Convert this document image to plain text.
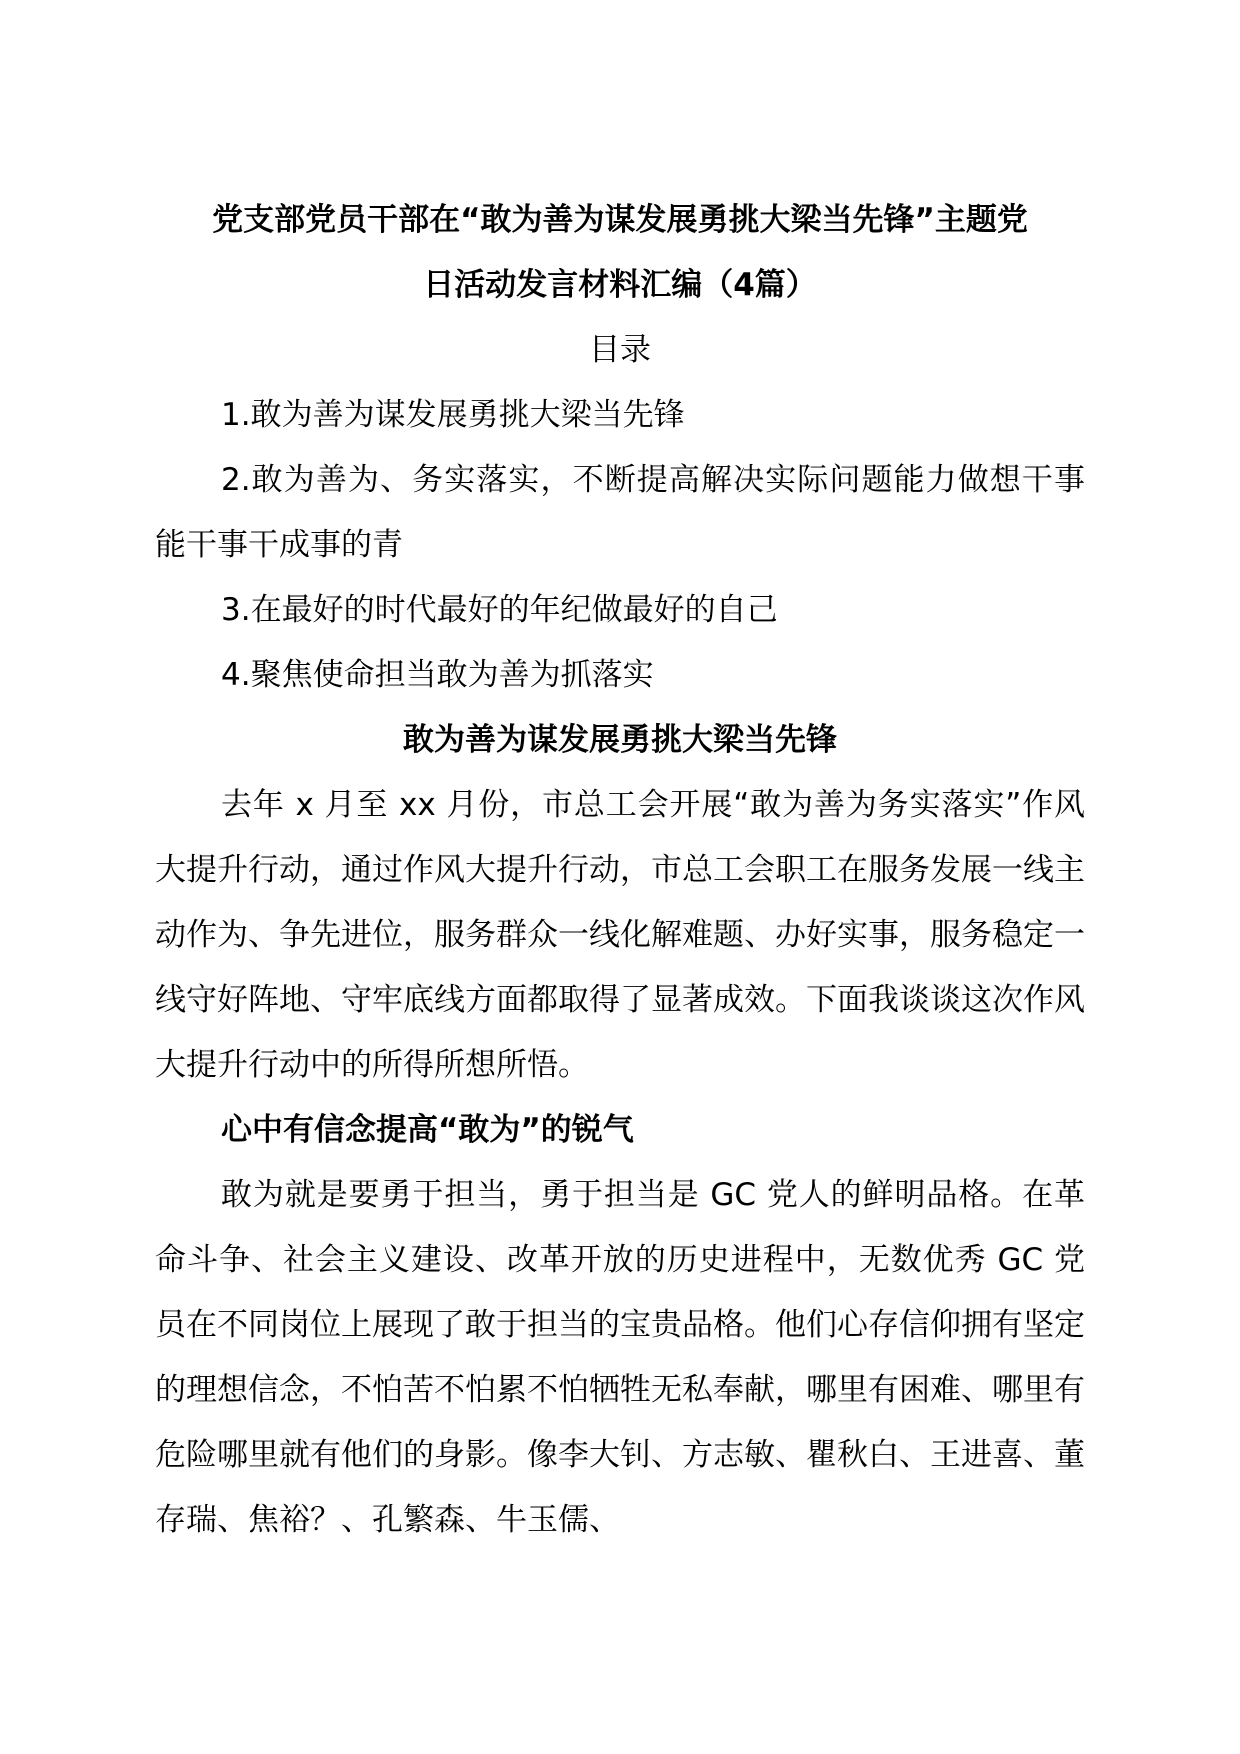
党支部党员干部在“敢为善为谋发展勇挑大梁当先锋”主题党
日活动发言材料汇编（4篇）

目录

1.敢为善为谋发展勇挑大梁当先锋

2.敢为善为、务实落实，不断提高解决实际问题能力做想干事能干事干成事的青

3.在最好的时代最好的年纪做最好的自己

4.聚焦使命担当敢为善为抓落实

敢为善为谋发展勇挑大梁当先锋

去年 x 月至 xx 月份，市总工会开展“敢为善为务实落实”作风大提升行动，通过作风大提升行动，市总工会职工在服务发展一线主动作为、争先进位，服务群众一线化解难题、办好实事，服务稳定一线守好阵地、守牢底线方面都取得了显著成效。下面我谈谈这次作风大提升行动中的所得所想所悟。

心中有信念提高“敢为”的锐气

敢为就是要勇于担当，勇于担当是 GC 党人的鲜明品格。在革命斗争、社会主义建设、改革开放的历史进程中，无数优秀 GC 党员在不同岗位上展现了敢于担当的宝贵品格。他们心存信仰拥有坚定的理想信念，不怕苦不怕累不怕牺牲无私奉献，哪里有困难、哪里有危险哪里就有他们的身影。像李大钊、方志敏、瞿秋白、王进喜、董存瑞、焦裕？、孔繁森、牛玉儒、
